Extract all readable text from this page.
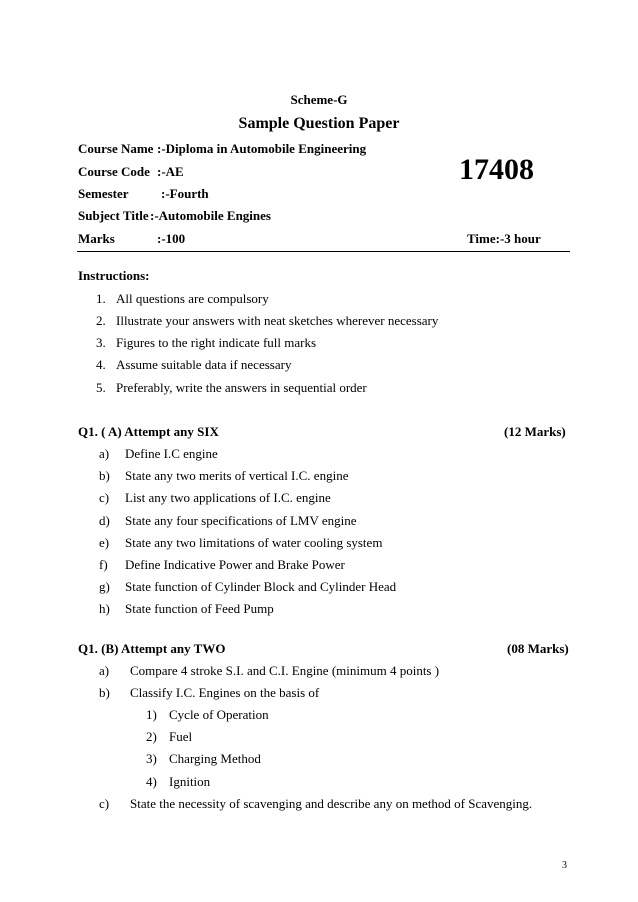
Scheme-G
Sample Question Paper
Course Name :-Diploma in Automobile Engineering
Course Code :-AE
Semester :-Fourth
Subject Title :-Automobile Engines
Marks	:-100	Time:-3 hour
17408
Instructions:
1. All questions are compulsory
2. Illustrate your answers with neat sketches wherever necessary
3. Figures to the right indicate full marks
4. Assume suitable data if necessary
5. Preferably, write the answers in sequential order
Q1. ( A) Attempt any SIX	(12 Marks)
a) Define I.C engine
b) State any two merits of vertical I.C. engine
c) List any two applications of I.C. engine
d) State any four specifications of LMV engine
e) State any two limitations of water cooling system
f) Define Indicative Power and Brake Power
g) State function of Cylinder Block and Cylinder Head
h) State function of Feed Pump
Q1. (B) Attempt any TWO	(08 Marks)
a) Compare 4 stroke S.I. and C.I. Engine (minimum 4 points )
b) Classify I.C. Engines on the basis of
1) Cycle of Operation
2) Fuel
3) Charging Method
4) Ignition
c) State the necessity of scavenging and describe any on method of Scavenging.
3
